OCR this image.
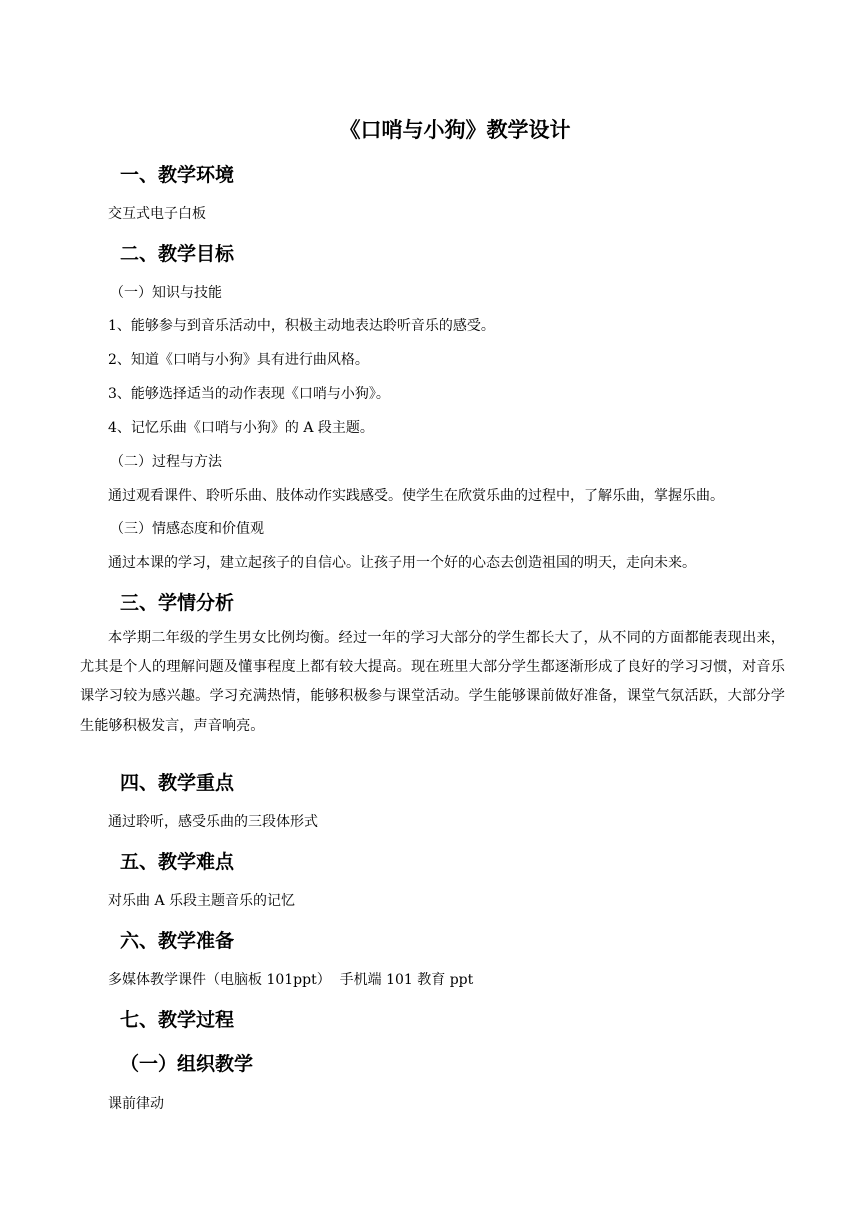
《口哨与小狗》教学设计
一、教学环境
交互式电子白板
二、教学目标
（一）知识与技能
1、能够参与到音乐活动中，积极主动地表达聆听音乐的感受。
2、知道《口哨与小狗》具有进行曲风格。
3、能够选择适当的动作表现《口哨与小狗》。
4、记忆乐曲《口哨与小狗》的 A 段主题。
（二）过程与方法
通过观看课件、聆听乐曲、肢体动作实践感受。使学生在欣赏乐曲的过程中，了解乐曲，掌握乐曲。
（三）情感态度和价值观
通过本课的学习，建立起孩子的自信心。让孩子用一个好的心态去创造祖国的明天，走向未来。
三、学情分析
本学期二年级的学生男女比例均衡。经过一年的学习大部分的学生都长大了，从不同的方面都能表现出来，尤其是个人的理解问题及懂事程度上都有较大提高。现在班里大部分学生都逐渐形成了良好的学习习惯，对音乐课学习较为感兴趣。学习充满热情，能够积极参与课堂活动。学生能够课前做好准备，课堂气氛活跃，大部分学生能够积极发言，声音响亮。
四、教学重点
通过聆听，感受乐曲的三段体形式
五、教学难点
对乐曲 A 乐段主题音乐的记忆
六、教学准备
多媒体教学课件（电脑板 101ppt）  手机端 101 教育 ppt
七、教学过程
（一）组织教学
课前律动
